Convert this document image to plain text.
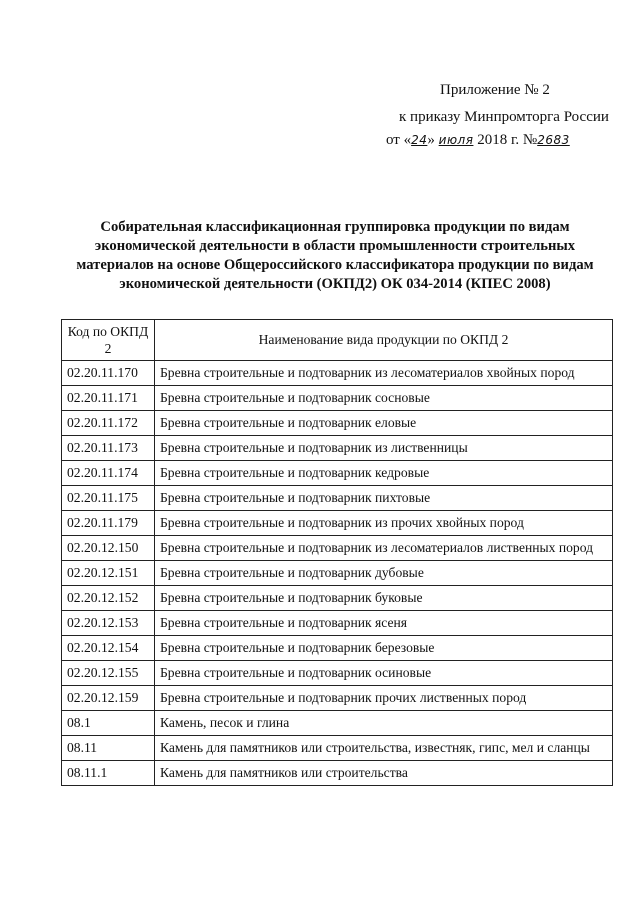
Приложение № 2
к приказу Минпромторга России
от «24» июля 2018 г. №2683
Собирательная классификационная группировка продукции по видам экономической деятельности в области промышленности строительных материалов на основе Общероссийского классификатора продукции по видам экономической деятельности (ОКПД2) ОК 034-2014 (КПЕС 2008)
Код по ОКПД 2	Наименование вида продукции по ОКПД 2
02.20.11.170	Бревна строительные и подтоварник из лесоматериалов хвойных пород
02.20.11.171	Бревна строительные и подтоварник сосновые
02.20.11.172	Бревна строительные и подтоварник еловые
02.20.11.173	Бревна строительные и подтоварник из лиственницы
02.20.11.174	Бревна строительные и подтоварник кедровые
02.20.11.175	Бревна строительные и подтоварник пихтовые
02.20.11.179	Бревна строительные и подтоварник из прочих хвойных пород
02.20.12.150	Бревна строительные и подтоварник из лесоматериалов лиственных пород
02.20.12.151	Бревна строительные и подтоварник дубовые
02.20.12.152	Бревна строительные и подтоварник буковые
02.20.12.153	Бревна строительные и подтоварник ясеня
02.20.12.154	Бревна строительные и подтоварник березовые
02.20.12.155	Бревна строительные и подтоварник осиновые
02.20.12.159	Бревна строительные и подтоварник прочих лиственных пород
08.1	Камень, песок и глина
08.11	Камень для памятников или строительства, известняк, гипс, мел и сланцы
08.11.1	Камень для памятников или строительства
